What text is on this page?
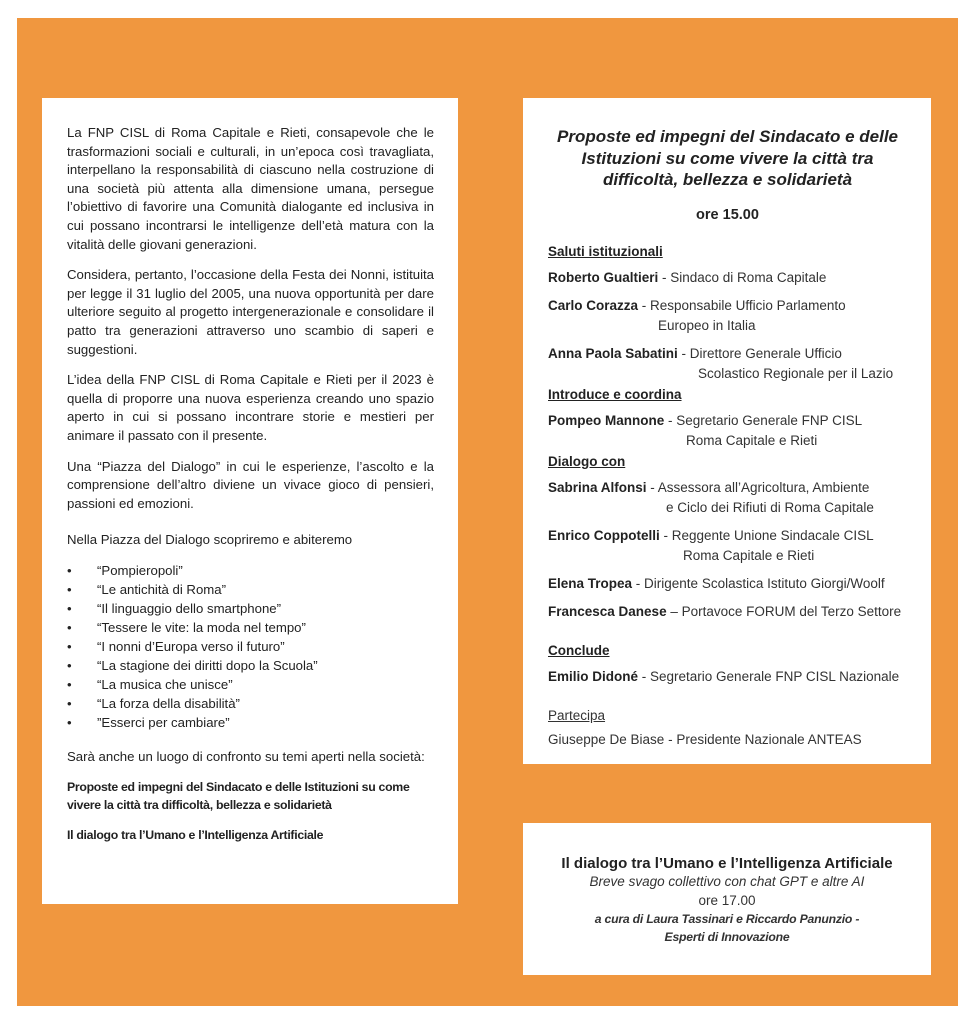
La FNP CISL di Roma Capitale e Rieti, consapevole che le trasformazioni sociali e culturali, in un’epoca così travagliata, interpellano la responsabilità di ciascuno nella costruzione di una società più attenta alla dimensione umana, persegue l’obiettivo di favorire una Comunità dialogante ed inclusiva in cui possano incontrarsi le intelligenze dell’età matura con la vitalità delle giovani generazioni.

Considera, pertanto, l’occasione della Festa dei Nonni, istituita per legge il 31 luglio del 2005, una nuova opportunità per dare ulteriore seguito al progetto intergenerazionale e consolidare il patto tra generazioni attraverso uno scambio di saperi e suggestioni.

L’idea della FNP CISL di Roma Capitale e Rieti per il 2023 è quella di proporre una nuova esperienza creando uno spazio aperto in cui si possano incontrare storie e mestieri per animare il passato con il presente.

Una “Piazza del Dialogo” in cui le esperienze, l’ascolto e la comprensione dell’altro diviene un vivace gioco di pensieri, passioni ed emozioni.

Nella Piazza del Dialogo scopriremo e abiteremo

• “Pompieropoli”
• “Le antichità di Roma”
• “Il linguaggio dello smartphone”
• “Tessere le vite: la moda nel tempo”
• “I nonni d’Europa verso il futuro”
• “La stagione dei diritti dopo la Scuola”
• “La musica che unisce”
• “La forza della disabilità”
• ”Esserci per cambiare”

Sarà anche un luogo di confronto su temi aperti nella società:

Proposte ed impegni del Sindacato e delle Istituzioni su come vivere la città tra difficoltà, bellezza e solidarietà

Il dialogo tra l’Umano e l’Intelligenza Artificiale

Proposte ed impegni del Sindacato e delle Istituzioni su come vivere la città tra difficoltà, bellezza e solidarietà

ore 15.00

Saluti istituzionali

Roberto Gualtieri - Sindaco di Roma Capitale
Carlo Corazza - Responsabile Ufficio Parlamento
Europeo in Italia
Anna Paola Sabatini - Direttore Generale Ufficio
Scolastico Regionale per il Lazio

Introduce e coordina

Pompeo Mannone - Segretario Generale FNP CISL
Roma Capitale e Rieti

Dialogo con

Sabrina Alfonsi - Assessora all’Agricoltura, Ambiente
e Ciclo dei Rifiuti di Roma Capitale
Enrico Coppotelli - Reggente Unione Sindacale CISL
Roma Capitale e Rieti
Elena Tropea - Dirigente Scolastica Istituto Giorgi/Woolf
Francesca Danese – Portavoce FORUM del Terzo Settore

Conclude

Emilio Didoné - Segretario Generale FNP CISL Nazionale

Partecipa

Giuseppe De Biase - Presidente Nazionale ANTEAS

Il dialogo tra l’Umano e l’Intelligenza Artificiale

Breve svago collettivo con chat GPT e altre AI

ore 17.00

a cura di Laura Tassinari e Riccardo Panunzio -

Esperti di Innovazione
